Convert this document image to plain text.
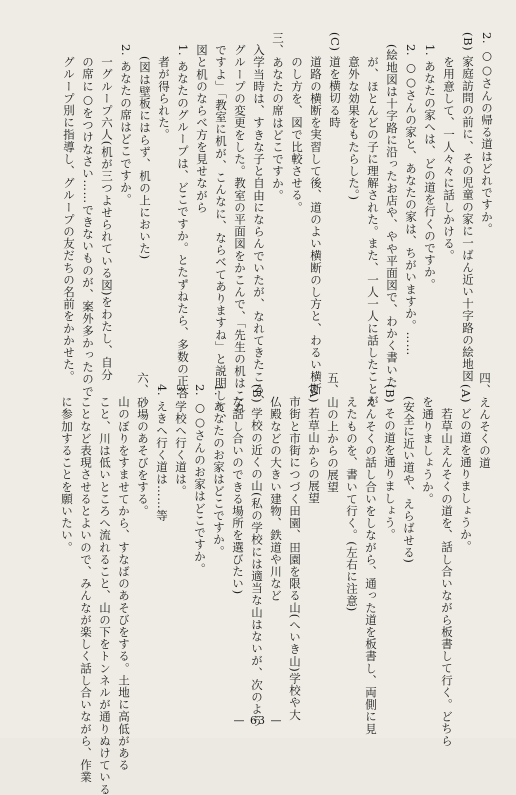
2. ○○さんの帰る道はどれですか。

(B) 家庭訪問の前に、その児童の家に一ばん近い十字路の絵地図

を用意して、一人々々に話しかける。

1. あなたの家へは、どの道を行くのですか。

2. ○○さんの家と、あなたの家は、ちがいますか。……

(絵地図は十字路に沿ったお店や、やや平面図で、わかく書いた

が、ほとんどの子に理解された。また、一人一人に話したことが

意外な効果をもたらした。)

(C) 道を横切る時

道路の横断を実習して後、道のよい横断のし方と、わるい横断

のし方を、図で比較させる。

三、あなたの席はどこですか。

入学当時は、すきな子と自由にならんでいたが、なれてきたころ、

グループの変更をした。教室の平面図をかこんで、「先生の机はこれ

ですよ」「教室に机が、こんなに、ならべてありますね」と説明して、

図と机のならべ方を見せながら

1. あなたのグループは、どこですか。とたずねたら、多数の正答

者が得られた。

(図は壁板にはらず、机の上においた)

2. あなたの席はどこですか。

一グループ六人(机が三つよせられている図)をわたし、自分

の席に○をつけなさい……できないものが、案外多かったので

グループ別に指導し、グループの友だちの名前をかかせた。

四、えんそくの道

(A) どの道を通りましょうか。

若草山えんそくの道を、話し合いながら板書して行く。どちら

を通りましょうか。

(安全に近い道や、えらばせる)

(B) その道を通りましょう。

えんそくの話し合いをしながら、通った道を板書し、両側に見

えたものを、書いて行く。(左右に注意)

五、山の上からの展望

(A) 若草山からの展望

市街と市街につづく田園、田園を限る山(へいき山)学校や大

仏殿などの大きい建物、鉄道や川など

(B) 学校の近くの山(私の学校には適当な山はないが、次のよう

な話し合いのできる場所を選びたい)

1. あなたのお家はどこですか。

2. ○○さんのお家はどこですか。

3. 学校へ行く道は。

4. えきへ行く道は……等

六、砂場のあそびをする。

山のぼりをすませてから、すなばのあそびをする。土地に高低がある

こと、川は低いところへ流れること、山の下をトンネルが通りぬけている

ことなど表現させるとよいので、みんなが楽しく話し合いながら、作業

に参加することを願いたい。

— 63 —
